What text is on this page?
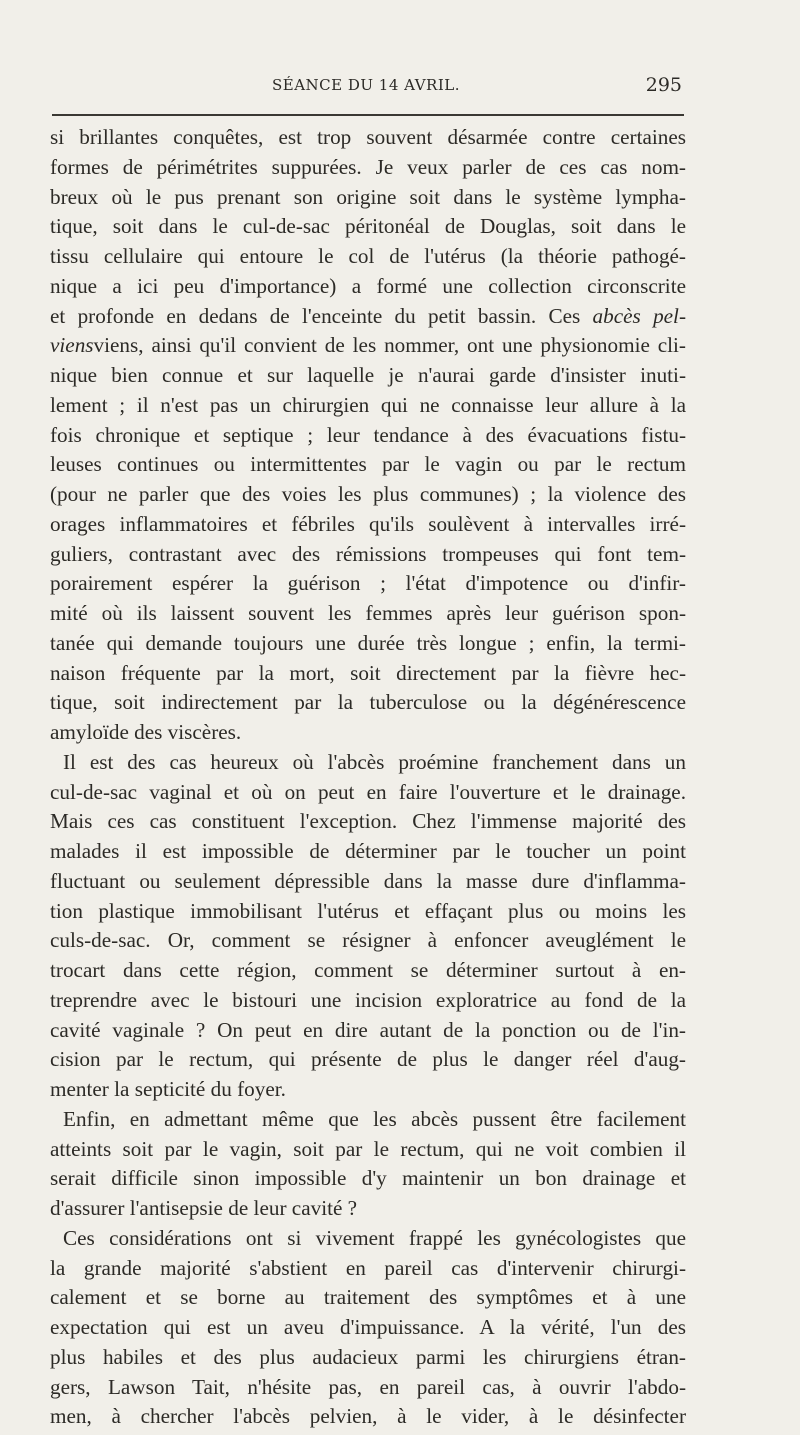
SÉANCE DU 14 AVRIL.	295
si brillantes conquêtes, est trop souvent désarmée contre certaines
formes de périmétrites suppurées. Je veux parler de ces cas nom-
breux où le pus prenant son origine soit dans le système lympha-
tique, soit dans le cul-de-sac péritonéal de Douglas, soit dans le
tissu cellulaire qui entoure le col de l'utérus (la théorie pathogé-
nique a ici peu d'importance) a formé une collection circonscrite
et profonde en dedans de l'enceinte du petit bassin. Ces abcès pel-
viensviens, ainsi qu'il convient de les nommer, ont une physionomie cli-
nique bien connue et sur laquelle je n'aurai garde d'insister inuti-
lement ; il n'est pas un chirurgien qui ne connaisse leur allure à la
fois chronique et septique ; leur tendance à des évacuations fistu-
leuses continues ou intermittentes par le vagin ou par le rectum
(pour ne parler que des voies les plus communes) ; la violence des
orages inflammatoires et fébriles qu'ils soulèvent à intervalles irré-
guliers, contrastant avec des rémissions trompeuses qui font tem-
porairement espérer la guérison ; l'état d'impotence ou d'infir-
mité où ils laissent souvent les femmes après leur guérison spon-
tanée qui demande toujours une durée très longue ; enfin, la termi-
naison fréquente par la mort, soit directement par la fièvre hec-
tique, soit indirectement par la tuberculose ou la dégénérescence
amyloïde des viscères.
Il est des cas heureux où l'abcès proémine franchement dans un
cul-de-sac vaginal et où on peut en faire l'ouverture et le drainage.
Mais ces cas constituent l'exception. Chez l'immense majorité des
malades il est impossible de déterminer par le toucher un point
fluctuant ou seulement dépressible dans la masse dure d'inflamma-
tion plastique immobilisant l'utérus et effaçant plus ou moins les
culs-de-sac. Or, comment se résigner à enfoncer aveuglément le
trocart dans cette région, comment se déterminer surtout à en-
treprendre avec le bistouri une incision exploratrice au fond de la
cavité vaginale ? On peut en dire autant de la ponction ou de l'in-
cision par le rectum, qui présente de plus le danger réel d'aug-
menter la septicité du foyer.
Enfin, en admettant même que les abcès pussent être facilement
atteints soit par le vagin, soit par le rectum, qui ne voit combien il
serait difficile sinon impossible d'y maintenir un bon drainage et
d'assurer l'antisepsie de leur cavité ?
Ces considérations ont si vivement frappé les gynécologistes que
la grande majorité s'abstient en pareil cas d'intervenir chirurgi-
calement et se borne au traitement des symptômes et à une
expectation qui est un aveu d'impuissance. A la vérité, l'un des
plus habiles et des plus audacieux parmi les chirurgiens étran-
gers, Lawson Tait, n'hésite pas, en pareil cas, à ouvrir l'abdo-
men, à chercher l'abcès pelvien, à le vider, à le désinfecter
